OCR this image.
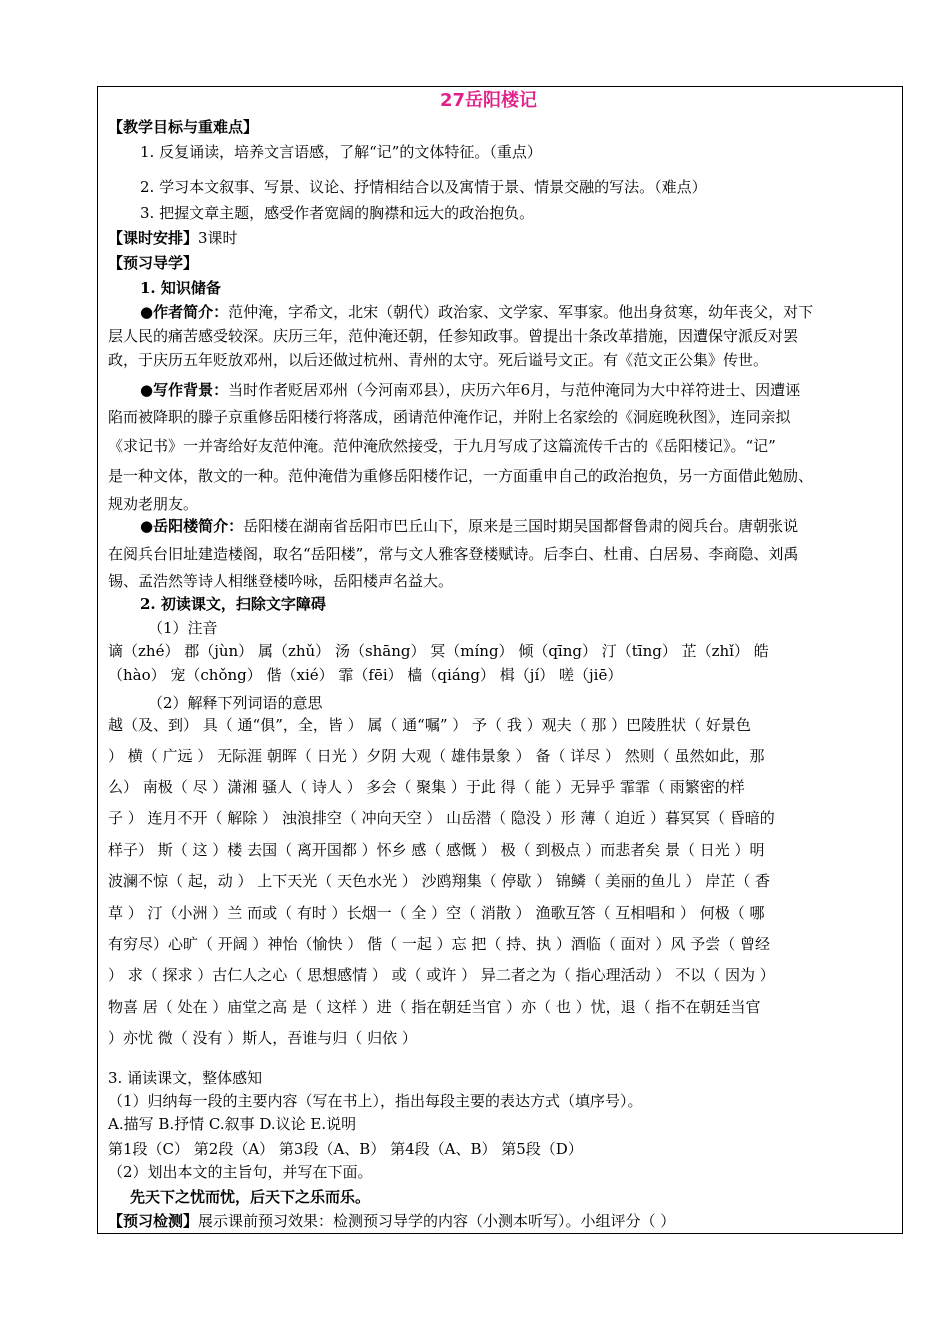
27岳阳楼记
【教学目标与重难点】
1. 反复诵读，培养文言语感，了解“记”的文体特征。（重点）
2. 学习本文叙事、写景、议论、抒情相结合以及寓情于景、情景交融的写法。（难点）
3. 把握文章主题，感受作者宽阔的胸襟和远大的政治抱负。
【课时安排】3课时
【预习导学】
1. 知识储备
●作者简介：范仲淹，字希文，北宋（朝代）政治家、文学家、军事家。他出身贫寒，幼年丧父，对下
层人民的痛苦感受较深。庆历三年，范仲淹还朝，任参知政事。曾提出十条改革措施，因遭保守派反对罢
政，于庆历五年贬放邓州，以后还做过杭州、青州的太守。死后谥号文正。有《范文正公集》传世。
●写作背景：当时作者贬居邓州（今河南邓县），庆历六年6月，与范仲淹同为大中祥符进士、因遭诬
陷而被降职的滕子京重修岳阳楼行将落成，函请范仲淹作记，并附上名家绘的《洞庭晚秋图》，连同亲拟
《求记书》一并寄给好友范仲淹。范仲淹欣然接受，于九月写成了这篇流传千古的《岳阳楼记》。“记”
是一种文体，散文的一种。范仲淹借为重修岳阳楼作记，一方面重申自己的政治抱负，另一方面借此勉励、
规劝老朋友。
●岳阳楼简介：岳阳楼在湖南省岳阳市巴丘山下，原来是三国时期吴国都督鲁肃的阅兵台。唐朝张说
在阅兵台旧址建造楼阁，取名“岳阳楼”，常与文人雅客登楼赋诗。后李白、杜甫、白居易、李商隐、刘禹
锡、孟浩然等诗人相继登楼吟咏，岳阳楼声名益大。
2. 初读课文，扫除文字障碍
（1）注音
谪（zhé） 郡（jùn） 属（zhǔ） 汤（shāng） 冥（míng） 倾（qīng） 汀（tīng） 芷（zhǐ） 皓
（hào） 宠（chǒng） 偕（xié） 霏（fēi） 樯（qiáng） 楫（jí） 嗟（jiē）
（2）解释下列词语的意思
越（及、到） 具（ 通“俱”，全，皆 ） 属（ 通“嘱” ） 予（ 我 ）观夫（ 那 ）巴陵胜状（ 好景色
） 横（ 广远 ） 无际涯 朝晖（ 日光 ）夕阴 大观（ 雄伟景象 ） 备（ 详尽 ） 然则（ 虽然如此，那
么） 南极（ 尽 ）潇湘 骚人（ 诗人 ） 多会（ 聚集 ）于此 得（ 能 ）无异乎 霏霏（ 雨繁密的样
子 ） 连月不开（ 解除 ） 浊浪排空（ 冲向天空 ） 山岳潜（ 隐没 ）形 薄（ 迫近 ）暮冥冥（ 昏暗的
样子） 斯（ 这 ）楼 去国（ 离开国都 ）怀乡 感（ 感慨 ） 极（ 到极点 ）而悲者矣 景（ 日光 ）明
波澜不惊（ 起，动 ） 上下天光（ 天色水光 ） 沙鸥翔集（ 停歇 ） 锦鳞（ 美丽的鱼儿 ） 岸芷（ 香
草 ） 汀（小洲 ）兰 而或（ 有时 ）长烟一（ 全 ）空（ 消散 ） 渔歌互答（ 互相唱和 ） 何极（ 哪
有穷尽）心旷（ 开阔 ）神怡（愉快 ） 偕（ 一起 ）忘 把（ 持、执 ）酒临（ 面对 ）风 予尝（ 曾经
） 求（ 探求 ）古仁人之心（ 思想感情 ） 或（ 或许 ） 异二者之为（ 指心理活动 ） 不以（ 因为 ）
物喜 居（ 处在 ）庙堂之高 是（ 这样 ）进（ 指在朝廷当官 ）亦（ 也 ）忧，退（ 指不在朝廷当官
）亦忧 微（ 没有 ）斯人，吾谁与归（ 归依 ）
3. 诵读课文，整体感知
（1）归纳每一段的主要内容（写在书上），指出每段主要的表达方式（填序号）。
A.描写 B.抒情 C.叙事 D.议论 E.说明
第1段（C） 第2段（A） 第3段（A、B） 第4段（A、B） 第5段（D）
（2）划出本文的主旨句，并写在下面。
先天下之忧而忧，后天下之乐而乐。
【预习检测】展示课前预习效果：检测预习导学的内容（小测本听写）。小组评分（ ）
